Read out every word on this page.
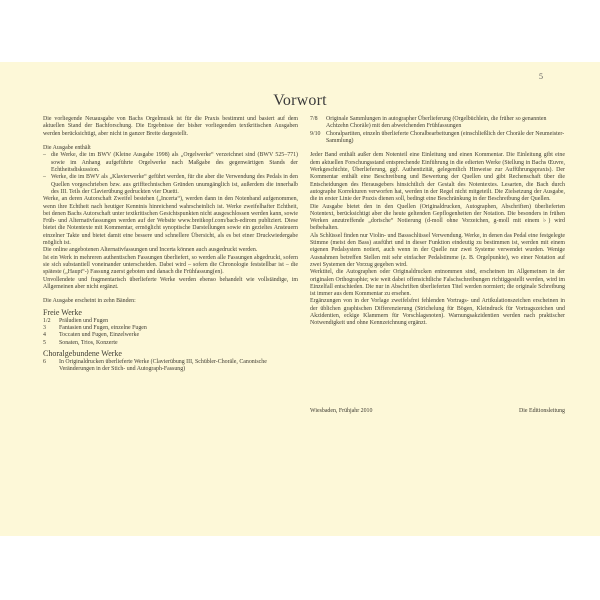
5
Vorwort

Die vorliegende Neuausgabe von Bachs Orgelmusik ist für die Praxis bestimmt und basiert auf dem aktuellen Stand der Bachforschung. Die Ergebnisse der bisher vorliegenden textkritischen Ausgaben werden berücksichtigt, aber nicht in ganzer Breite dargestellt.

Die Ausgabe enthält

– die Werke, die im BWV (Kleine Ausgabe 1998) als „Orgelwerke“ verzeichnet sind (BWV 525–771) sowie im Anhang aufgeführte Orgelwerke nach Maßgabe des gegenwärtigen Stands der Echtheitsdiskussion.
– Werke, die im BWV als „Klavierwerke“ geführt werden, für die aber die Verwendung des Pedals in den Quellen vorgeschrieben bzw. aus grifftechnischen Gründen unumgänglich ist, außerdem die innerhalb des III. Teils der Clavierübung gedruckten vier Duetti.

Werke, an deren Autorschaft Zweifel bestehen („Incerta“), werden dann in den Notenband aufgenommen, wenn ihre Echtheit nach heutiger Kenntnis hinreichend wahrscheinlich ist. Werke zweifelhafter Echtheit, bei denen Bachs Autorschaft unter textkritischen Gesichtspunkten nicht ausgeschlossen werden kann, sowie Früh- und Alternativfassungen werden auf der Website www.breitkopf.com/bach-edirom publiziert. Diese bietet die Notentexte mit Kommentar, ermöglicht synoptische Darstellungen sowie ein gezieltes Ansteuern einzelner Takte und bietet damit eine bessere und schnellere Übersicht, als es bei einer Druckwiedergabe möglich ist.

Die online angebotenen Alternativfassungen und Incerta können auch ausgedruckt werden.

Ist ein Werk in mehreren authentischen Fassungen überliefert, so werden alle Fassungen abgedruckt, sofern sie sich substantiell voneinander unterscheiden. Dabei wird – sofern die Chronologie feststellbar ist – die späteste („Haupt“-) Fassung zuerst geboten und danach die Frühfassung(en).

Unvollendete und fragmentarisch überlieferte Werke werden ebenso behandelt wie vollständige, im Allgemeinen aber nicht ergänzt.

Die Ausgabe erscheint in zehn Bänden:

Freie Werke
1/2	Präludien und Fugen
3	Fantasien und Fugen, einzelne Fugen
4	Toccaten und Fugen, Einzelwerke
5	Sonaten, Trios, Konzerte
Choralgebundene Werke
6	In Originaldrucken überlieferte Werke (Clavierübung III, Schübler-Choräle, Canonische Veränderungen in der Stich- und Autograph-Fassung)
7/8	Originale Sammlungen in autographer Überlieferung (Orgelbüchlein, die früher so genannten Achtzehn Choräle) mit den abweichenden Frühfassungen
9/10 Choralpartiten, einzeln überlieferte Choralbearbeitungen (einschließlich der Choräle der Neumeister-Sammlung)

Jeder Band enthält außer dem Notenteil eine Einleitung und einen Kommentar. Die Einleitung gibt eine dem aktuellen Forschungsstand entsprechende Einführung in die edierten Werke (Stellung in Bachs Œuvre, Werkgeschichte, Überlieferung, ggf. Authentizität, gelegentlich Hinweise zur Aufführungspraxis). Der Kommentar enthält eine Beschreibung und Bewertung der Quellen und gibt Rechenschaft über die Entscheidungen des Herausgebers hinsichtlich der Gestalt des Notentextes. Lesarten, die Bach durch autographe Korrekturen verworfen hat, werden in der Regel nicht mitgeteilt. Die Zielsetzung der Ausgabe, die in erster Linie der Praxis dienen soll, bedingt eine Beschränkung in der Beschreibung der Quellen.

Die Ausgabe bietet den in den Quellen (Originaldrucken, Autographen, Abschriften) überlieferten Notentext, berücksichtigt aber die heute geltenden Gepflogenheiten der Notation. Die besonders in frühen Werken anzutreffende „dorische“ Notierung (d-moll ohne Vorzeichen, g-moll mit einem ♭) wird beibehalten.

Als Schlüssel finden nur Violin- und Bassschlüssel Verwendung. Werke, in denen das Pedal eine festgelegte Stimme (meist den Bass) ausführt und in dieser Funktion eindeutig zu bestimmen ist, werden mit einem eigenen Pedalsystem notiert, auch wenn in der Quelle nur zwei Systeme verwendet wurden. Wenige Ausnahmen betreffen Stellen mit sehr einfacher Pedalstimme (z. B. Orgelpunkte), wo einer Notation auf zwei Systemen der Vorzug gegeben wird.

Werktitel, die Autographen oder Originaldrucken entnommen sind, erscheinen im Allgemeinen in der originalen Orthographie; wie weit dabei offensichtliche Falschschreibungen richtiggestellt werden, wird im Einzelfall entschieden. Die nur in Abschriften überlieferten Titel werden normiert; die originale Schreibung ist immer aus dem Kommentar zu ersehen.

Ergänzungen von in der Vorlage zweifelsfrei fehlenden Vortrags- und Artikulationszeichen erscheinen in der üblichen graphischen Differenzierung (Strichelung für Bögen, Kleindruck für Vortragszeichen und Akzidentien, eckige Klammern für Vorschlagsnoten). Warnungsakzidentien werden nach praktischer Notwendigkeit und ohne Kennzeichnung ergänzt.

Wiesbaden, Frühjahr 2010	Die Editionsleitung
